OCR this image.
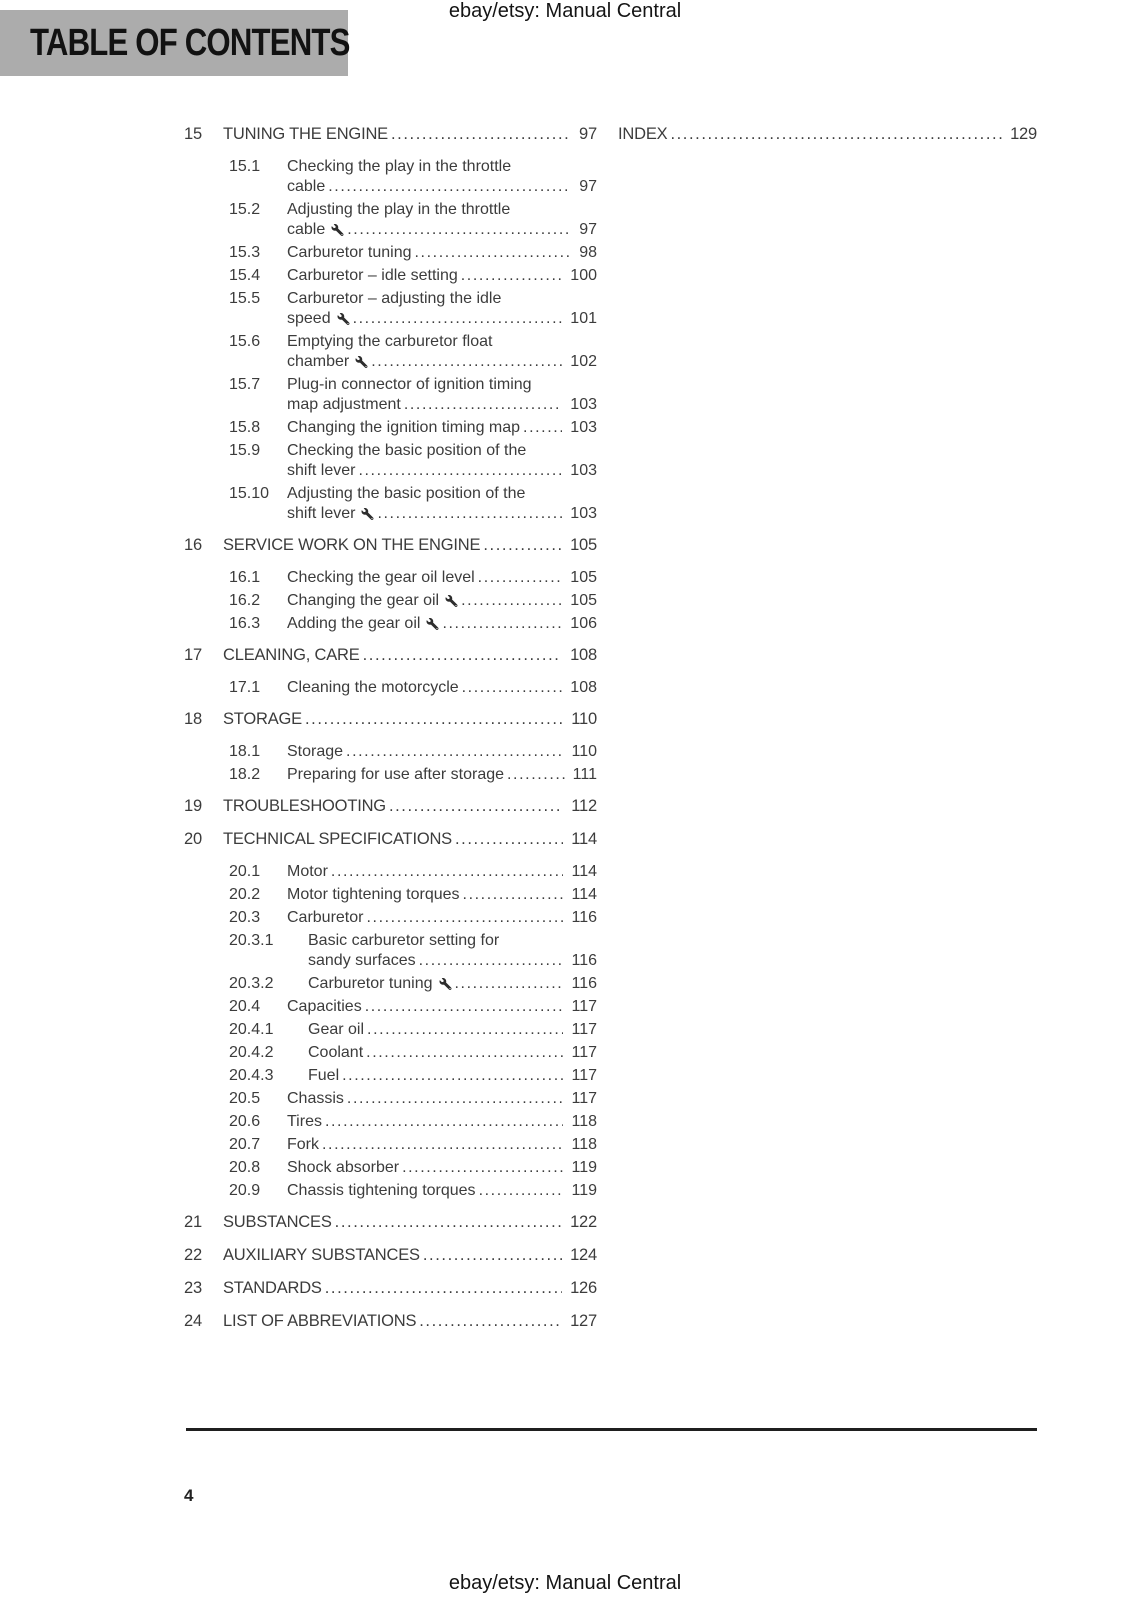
ebay/etsy: Manual Central
TABLE OF CONTENTS
15	TUNING THE ENGINE .....	97
15.1	Checking the play in the throttle
cable .....	97
15.2	Adjusting the play in the throttle
cable .....	97
15.3	Carburetor tuning .....	98
15.4	Carburetor – idle setting .....	100
15.5	Carburetor – adjusting the idle
speed .....	101
15.6	Emptying the carburetor float
chamber .....	102
15.7	Plug-in connector of ignition timing
map adjustment .....	103
15.8	Changing the ignition timing map .....	103
15.9	Checking the basic position of the
shift lever .....	103
15.10	Adjusting the basic position of the
shift lever .....	103
16	SERVICE WORK ON THE ENGINE .....	105
16.1	Checking the gear oil level .....	105
16.2	Changing the gear oil .....	105
16.3	Adding the gear oil .....	106
17	CLEANING, CARE .....	108
17.1	Cleaning the motorcycle .....	108
18	STORAGE .....	110
18.1	Storage .....	110
18.2	Preparing for use after storage .....	111
19	TROUBLESHOOTING .....	112
20	TECHNICAL SPECIFICATIONS .....	114
20.1	Motor .....	114
20.2	Motor tightening torques .....	114
20.3	Carburetor .....	116
20.3.1	Basic carburetor setting for
sandy surfaces .....	116
20.3.2	Carburetor tuning .....	116
20.4	Capacities .....	117
20.4.1	Gear oil .....	117
20.4.2	Coolant .....	117
20.4.3	Fuel .....	117
20.5	Chassis .....	117
20.6	Tires .....	118
20.7	Fork .....	118
20.8	Shock absorber .....	119
20.9	Chassis tightening torques .....	119
21	SUBSTANCES .....	122
22	AUXILIARY SUBSTANCES .....	124
23	STANDARDS .....	126
24	LIST OF ABBREVIATIONS .....	127
INDEX .....	129
4
ebay/etsy: Manual Central
